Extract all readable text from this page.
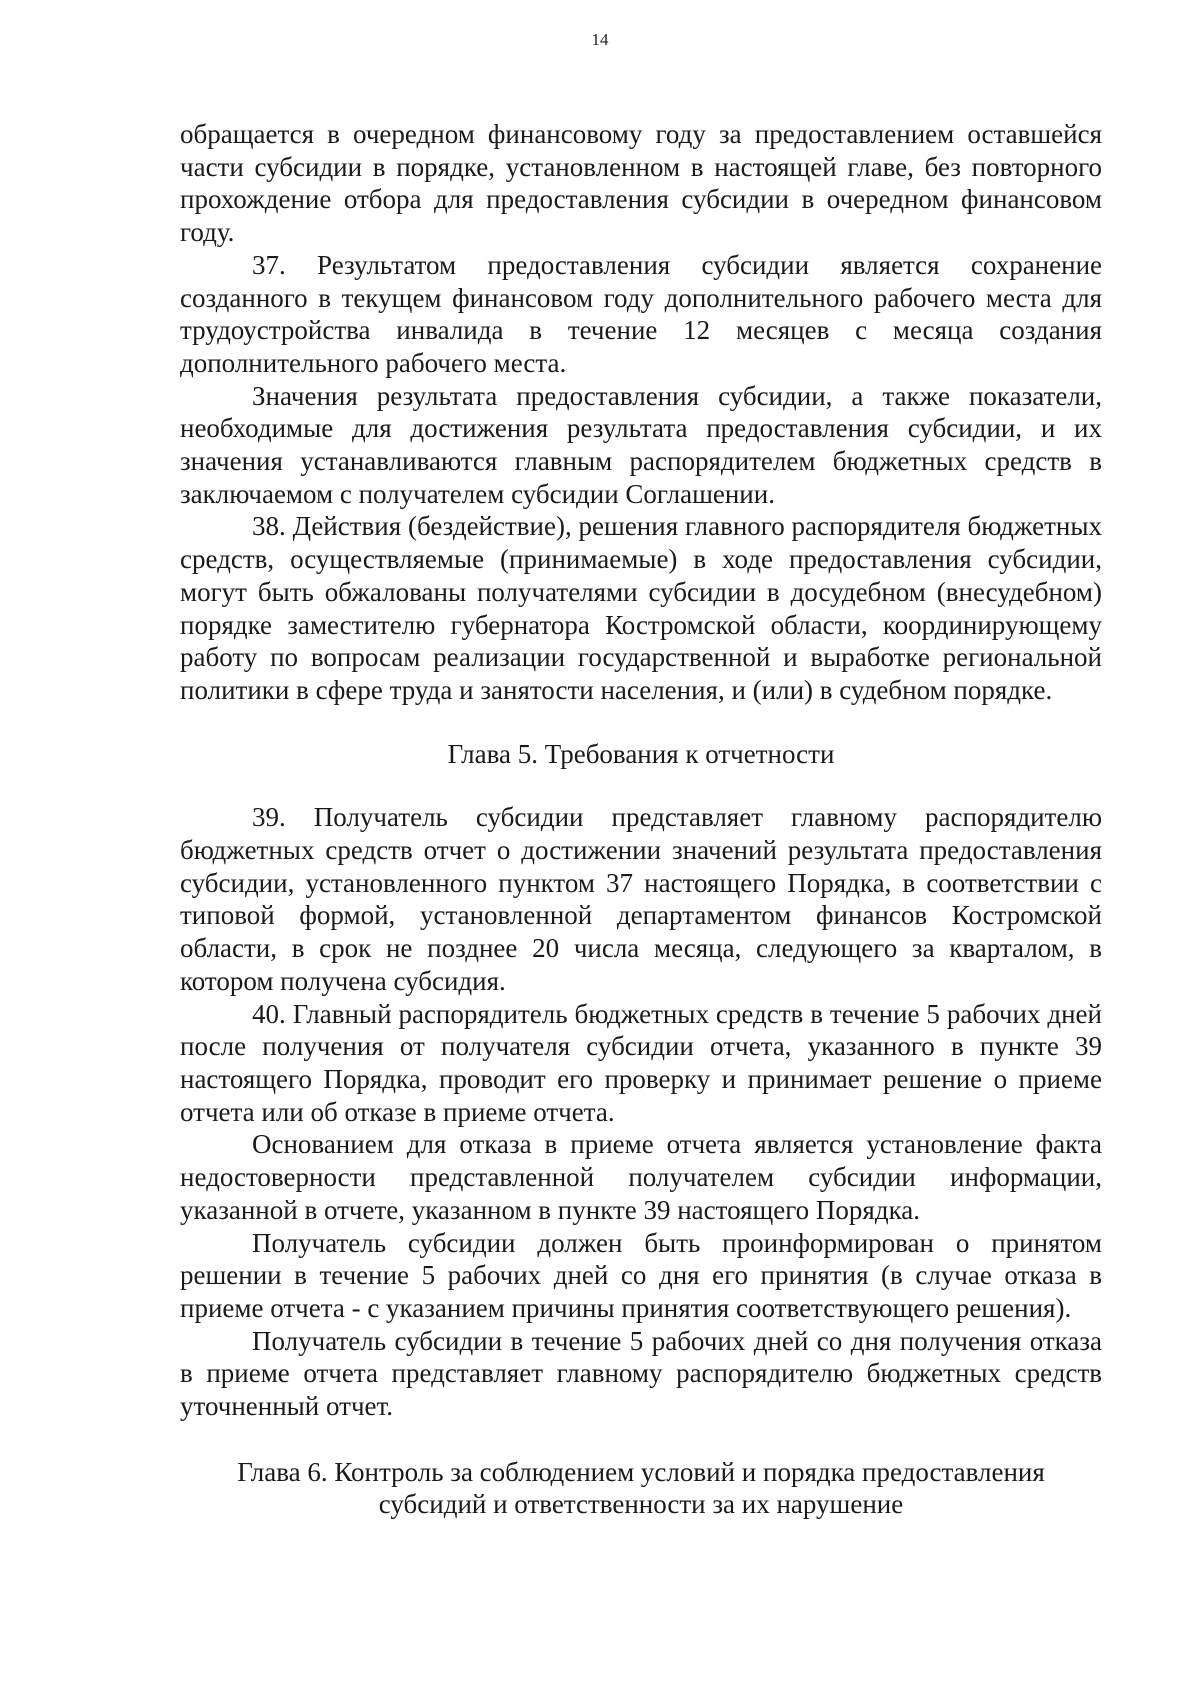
14

обращается в очередном финансовому году за предоставлением оставшейся части субсидии в порядке, установленном в настоящей главе, без повторного прохождение отбора для предоставления субсидии в очередном финансовом году.

37. Результатом предоставления субсидии является сохранение созданного в текущем финансовом году дополнительного рабочего места для трудоустройства инвалида в течение 12 месяцев с месяца создания дополнительного рабочего места.

Значения результата предоставления субсидии, а также показатели, необходимые для достижения результата предоставления субсидии, и их значения устанавливаются главным распорядителем бюджетных средств в заключаемом с получателем субсидии Соглашении.

38. Действия (бездействие), решения главного распорядителя бюджетных средств, осуществляемые (принимаемые) в ходе предоставления субсидии, могут быть обжалованы получателями субсидии в досудебном (внесудебном) порядке заместителю губернатора Костромской области, координирующему работу по вопросам реализации государственной и выработке региональной политики в сфере труда и занятости населения, и (или) в судебном порядке.

Глава 5. Требования к отчетности

39. Получатель субсидии представляет главному распорядителю бюджетных средств отчет о достижении значений результата предоставления субсидии, установленного пунктом 37 настоящего Порядка, в соответствии с типовой формой, установленной департаментом финансов Костромской области, в срок не позднее 20 числа месяца, следующего за кварталом, в котором получена субсидия.

40. Главный распорядитель бюджетных средств в течение 5 рабочих дней после получения от получателя субсидии отчета, указанного в пункте 39 настоящего Порядка, проводит его проверку и принимает решение о приеме отчета или об отказе в приеме отчета.

Основанием для отказа в приеме отчета является установление факта недостоверности представленной получателем субсидии информации, указанной в отчете, указанном в пункте 39 настоящего Порядка.

Получатель субсидии должен быть проинформирован о принятом решении в течение 5 рабочих дней со дня его принятия (в случае отказа в приеме отчета - с указанием причины принятия соответствующего решения).

Получатель субсидии в течение 5 рабочих дней со дня получения отказа в приеме отчета представляет главному распорядителю бюджетных средств уточненный отчет.

Глава 6. Контроль за соблюдением условий и порядка предоставления
субсидий и ответственности за их нарушение
